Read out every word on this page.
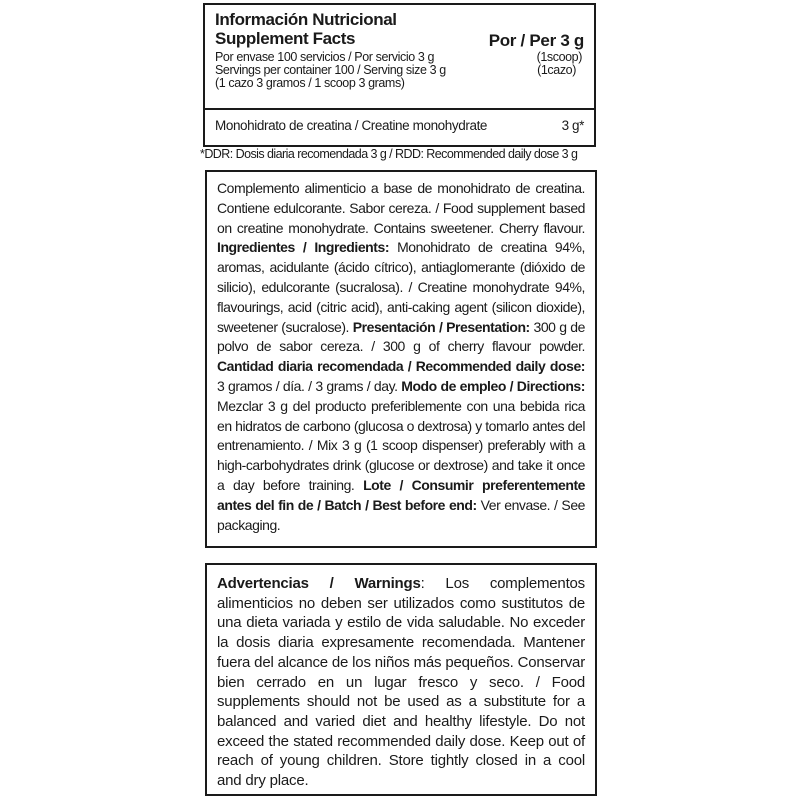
Información Nutricional
Supplement Facts	Por / Per 3 g
Por envase 100 servicios / Por servicio 3 g	(1scoop)
Servings per container 100 / Serving size 3 g	(1cazo)
(1 cazo 3 gramos / 1 scoop 3 grams)
Monohidrato de creatina / Creatine monohydrate	3 g*
*DDR: Dosis diaria recomendada 3 g / RDD: Recommended daily dose 3 g
Complemento alimenticio a base de monohidrato de creatina. Contiene edulcorante. Sabor cereza. / Food supplement based on creatine monohydrate. Contains sweetener. Cherry flavour. Ingredientes / Ingredients: Monohidrato de creatina 94%, aromas, acidulante (ácido cítrico), antiaglomerante (dióxido de silicio), edulcorante (sucralosa). / Creatine monohydrate 94%, flavourings, acid (citric acid), anti-caking agent (silicon dioxide), sweetener (sucralose). Presentación / Presentation: 300 g de polvo de sabor cereza. / 300 g of cherry flavour powder. Cantidad diaria recomendada / Recommended daily dose: 3 gramos / día. / 3 grams / day. Modo de empleo / Directions: Mezclar 3 g del producto preferiblemente con una bebida rica en hidratos de carbono (glucosa o dextrosa) y tomarlo antes del entrenamiento. / Mix 3 g (1 scoop dispenser) preferably with a high-carbohydrates drink (glucose or dextrose) and take it once a day before training. Lote / Consumir preferentemente antes del fin de / Batch / Best before end: Ver envase. / See packaging.
Advertencias / Warnings: Los complementos alimenticios no deben ser utilizados como sustitutos de una dieta variada y estilo de vida saludable. No exceder la dosis diaria expresamente recomendada. Mantener fuera del alcance de los niños más pequeños. Conservar bien cerrado en un lugar fresco y seco. / Food supplements should not be used as a substitute for a balanced and varied diet and healthy lifestyle. Do not exceed the stated recommended daily dose. Keep out of reach of young children. Store tightly closed in a cool and dry place.
